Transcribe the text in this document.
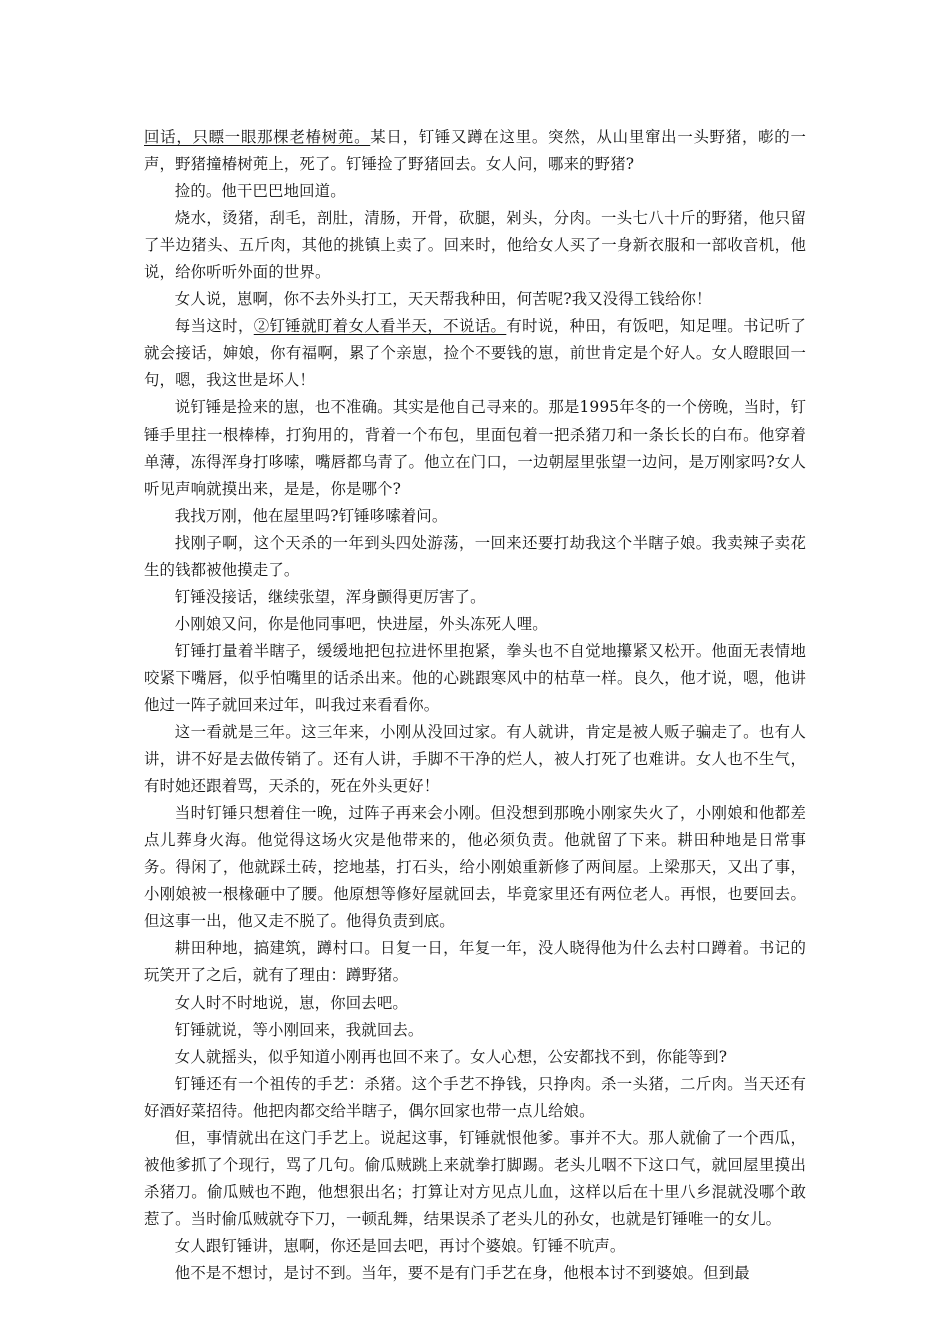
回话，只瞟一眼那棵老椿树蔸。某日，钉锤又蹲在这里。突然，从山里窜出一头野猪，嘭的一声，野猪撞椿树蔸上，死了。钉锤捡了野猪回去。女人问，哪来的野猪?

捡的。他干巴巴地回道。

烧水，烫猪，刮毛，剖肚，清肠，开骨，砍腿，剁头，分肉。一头七八十斤的野猪，他只留了半边猪头、五斤肉，其他的挑镇上卖了。回来时，他给女人买了一身新衣服和一部收音机，他说，给你听听外面的世界。

女人说，崽啊，你不去外头打工，天天帮我种田，何苦呢?我又没得工钱给你！

每当这时，②钉锤就盯着女人看半天，不说话。有时说，种田，有饭吧，知足哩。书记听了就会接话，婶娘，你有福啊，累了个亲崽，捡个不要钱的崽，前世肯定是个好人。女人瞪眼回一句，嗯，我这世是坏人！

说钉锤是捡来的崽，也不准确。其实是他自己寻来的。那是1995年冬的一个傍晚，当时，钉锤手里拄一根棒棒，打狗用的，背着一个布包，里面包着一把杀猪刀和一条长长的白布。他穿着单薄，冻得浑身打哆嗦，嘴唇都乌青了。他立在门口，一边朝屋里张望一边问，是万刚家吗?女人听见声响就摸出来，是是，你是哪个?

我找万刚，他在屋里吗?钉锤哆嗦着问。

找刚子啊，这个天杀的一年到头四处游荡，一回来还要打劫我这个半瞎子娘。我卖辣子卖花生的钱都被他摸走了。

钉锤没接话，继续张望，浑身颤得更厉害了。

小刚娘又问，你是他同事吧，快进屋，外头冻死人哩。

钉锤打量着半瞎子，缓缓地把包拉进怀里抱紧，拳头也不自觉地攥紧又松开。他面无表情地咬紧下嘴唇，似乎怕嘴里的话杀出来。他的心跳跟寒风中的枯草一样。良久，他才说，嗯，他讲他过一阵子就回来过年，叫我过来看看你。

这一看就是三年。这三年来，小刚从没回过家。有人就讲，肯定是被人贩子骗走了。也有人讲，讲不好是去做传销了。还有人讲，手脚不干净的烂人，被人打死了也难讲。女人也不生气，有时她还跟着骂，天杀的，死在外头更好！

当时钉锤只想着住一晚，过阵子再来会小刚。但没想到那晚小刚家失火了，小刚娘和他都差点儿葬身火海。他觉得这场火灾是他带来的，他必须负责。他就留了下来。耕田种地是日常事务。得闲了，他就踩土砖，挖地基，打石头，给小刚娘重新修了两间屋。上梁那天，又出了事，小刚娘被一根椽砸中了腰。他原想等修好屋就回去，毕竟家里还有两位老人。再恨，也要回去。但这事一出，他又走不脱了。他得负责到底。

耕田种地，搞建筑，蹲村口。日复一日，年复一年，没人晓得他为什么去村口蹲着。书记的玩笑开了之后，就有了理由：蹲野猪。

女人时不时地说，崽，你回去吧。

钉锤就说，等小刚回来，我就回去。

女人就摇头，似乎知道小刚再也回不来了。女人心想，公安都找不到，你能等到?

钉锤还有一个祖传的手艺：杀猪。这个手艺不挣钱，只挣肉。杀一头猪，二斤肉。当天还有好酒好菜招待。他把肉都交给半瞎子，偶尔回家也带一点儿给娘。

但，事情就出在这门手艺上。说起这事，钉锤就恨他爹。事并不大。那人就偷了一个西瓜，被他爹抓了个现行，骂了几句。偷瓜贼跳上来就拳打脚踢。老头儿咽不下这口气，就回屋里摸出杀猪刀。偷瓜贼也不跑，他想狠出名；打算让对方见点儿血，这样以后在十里八乡混就没哪个敢惹了。当时偷瓜贼就夺下刀，一顿乱舞，结果误杀了老头儿的孙女，也就是钉锤唯一的女儿。

女人跟钉锤讲，崽啊，你还是回去吧，再讨个婆娘。钉锤不吭声。

他不是不想讨，是讨不到。当年，要不是有门手艺在身，他根本讨不到婆娘。但到最
